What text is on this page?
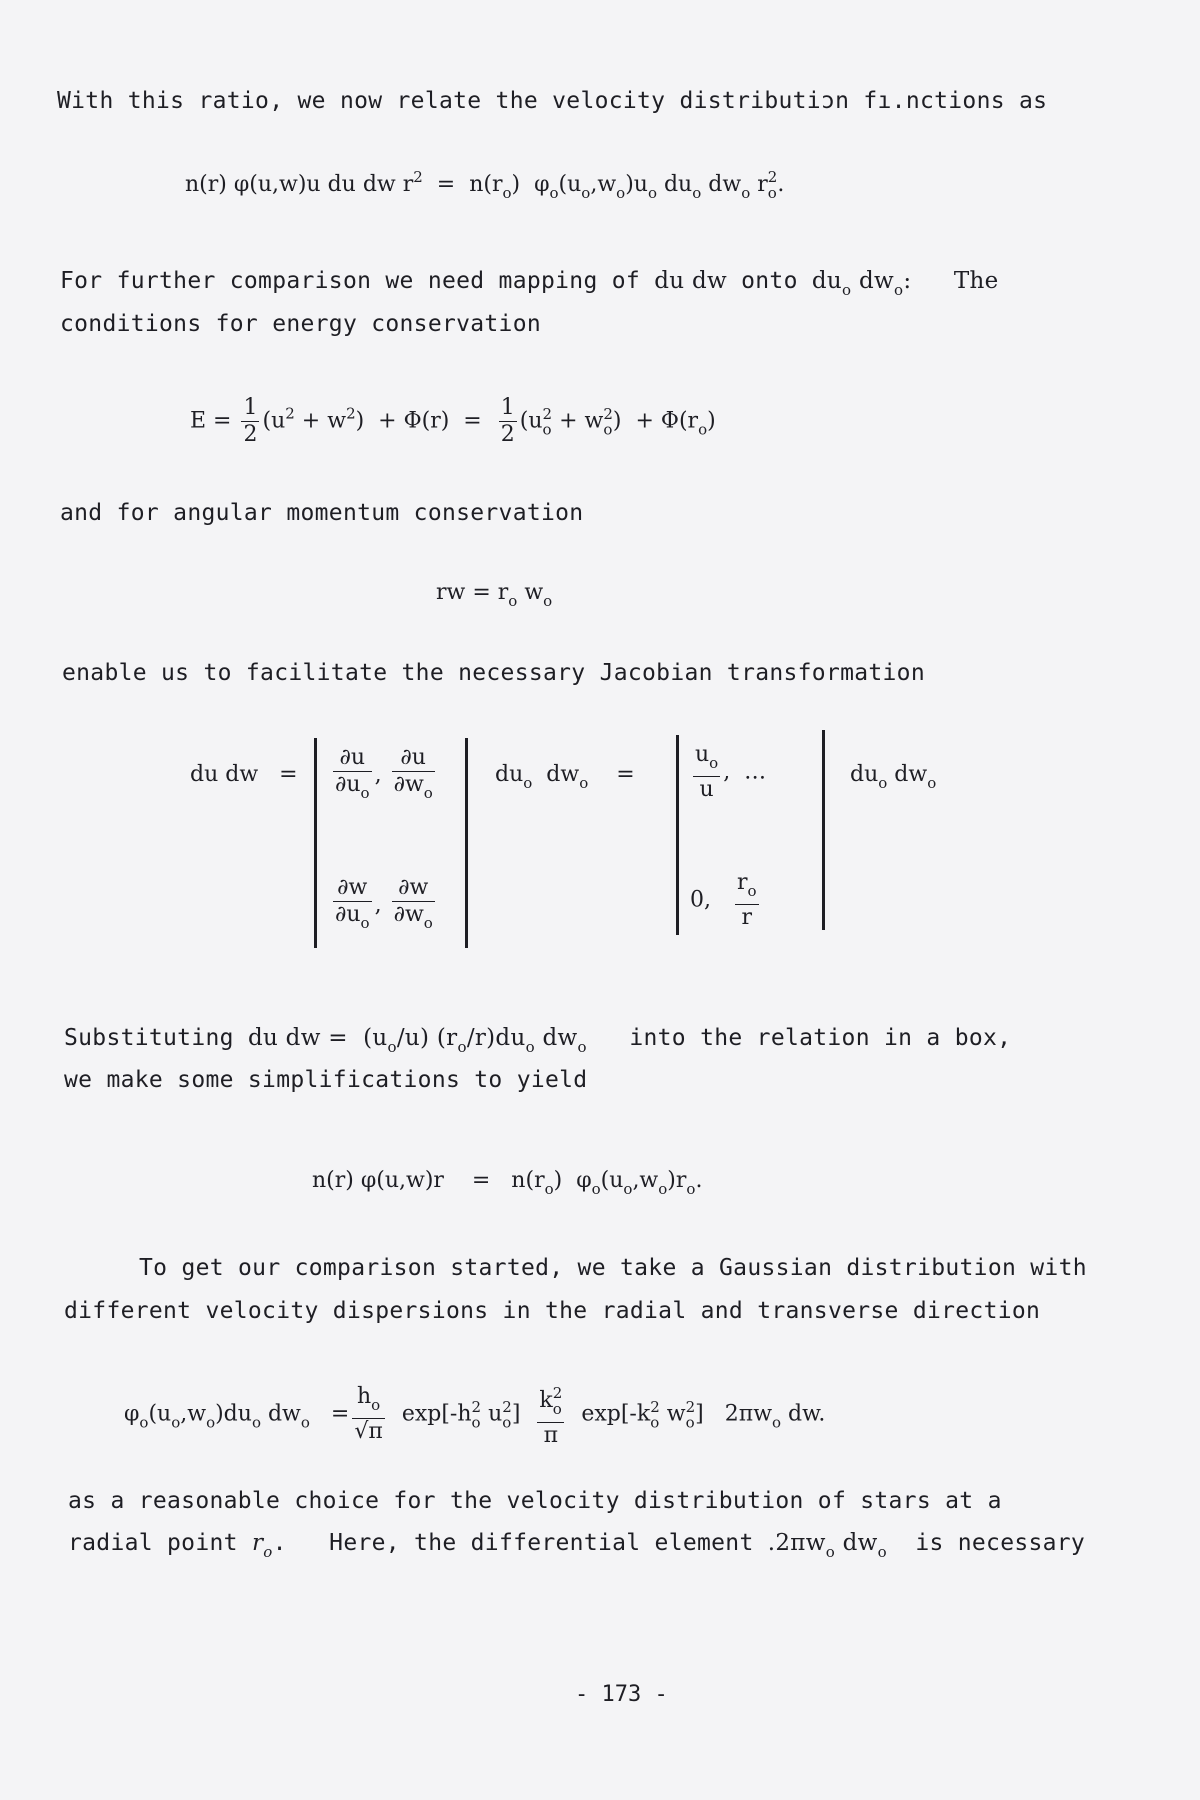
With this ratio, we now relate the velocity distributiɔn fı.nctions as
n(r) φ(u,w)u du dw $r^2 = n(r_o)$  $\varphi_o(u_o,w_o)u_o$ $du_o$ $dw_o$ $r_o^2$.
For further comparison we need mapping of du dw onto $du_o$ $dw_o$: The
conditions for energy conservation
$E = \frac{1}{2} (u^2 + w^2) + \Phi(r) = \frac{1}{2} (u_o^2 + w_o^2) + \Phi(r_o)$
and for angular momentum conservation
rw = $r_o$ $w_o$
enable us to facilitate the necessary Jacobian transformation
du dw   = $\frac{\partial u}{\partial u_o}$ , $\frac{\partial u}{\partial w_o}$
$\frac{\partial w}{\partial u_o}$ , $\frac{\partial w}{\partial w_o}$
$du_o$  $dw_o$    =	$\frac{u_o}{u}$ ,  …
0, $\frac{r_o}{r}$
$du_o$ $dw_o$
Substituting du dw =  $(u_o/u)$ $(r_o/r)du_o$ $dw_o$ into the relation in a box,
we make some simplifications to yield
n(r) φ(u,w)r    =   $n(r_o)$  $\varphi_o(u_o,w_o)r_o$.
To get our comparison started, we take a Gaussian distribution with
different velocity dispersions in the radial and transverse direction
$\varphi_o(u_o,w_o)du_o$ $dw_o = \frac{h_o}{√\pi} \exp[-h_o^2$ $u_o^2] \frac{k_o^2}{\pi} \exp[-k_o^2$ $w_o^2$]   $2\pi w_o$ dw.
as a reasonable choice for the velocity distribution of stars at a
radial point $r_o$.   Here, the differential element $.2\pi w_o$ $dw_o$ is necessary
- 173 -
